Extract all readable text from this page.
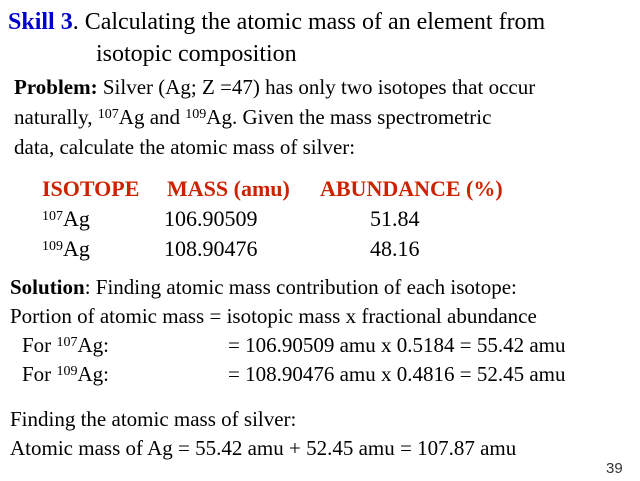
Skill 3. Calculating the atomic mass of an element from
isotopic composition
Problem: Silver (Ag; Z =47) has only two isotopes that occur
naturally, $^{107}$Ag and $^{109}$Ag. Given the mass spectrometric
data, calculate the atomic mass of silver:
ISOTOPE MASS (amu) ABUNDANCE (%)
$^{107}$Ag	106.90509	51.84
$^{109}$Ag	108.90476	48.16
Solution: Finding atomic mass contribution of each isotope:
Portion of atomic mass = isotopic mass x fractional abundance
For $^{107}$Ag:	= 106.90509 amu x 0.5184 = 55.42 amu
For $^{109}$Ag:	= 108.90476 amu x 0.4816 = 52.45 amu
Finding the atomic mass of silver:
Atomic mass of Ag = 55.42 amu + 52.45 amu = 107.87 amu
39
